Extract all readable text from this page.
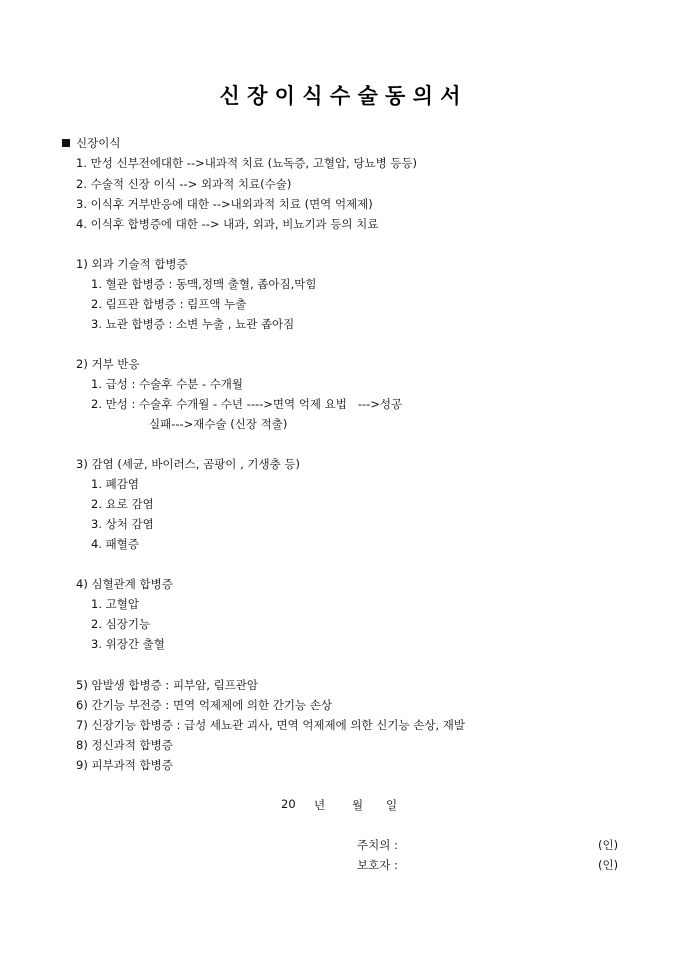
신 장 이 식 수 술 동 의 서
신장이식
1. 만성 신부전에대한 -->내과적 치료 (뇨독증, 고혈압, 당뇨병 등등)
2. 수술적 신장 이식 --> 외과적 치료(수술)
3. 이식후 거부반응에 대한 -->내외과적 치료 (면역 억제제)
4. 이식후 합병증에 대한 --> 내과, 외과, 비뇨기과 등의 치료
1) 외과 기술적 합병증
1. 혈관 합병증 : 동맥,정맥 출혈, 좁아짐,막힘
2. 림프관 합병증 : 림프액 누출
3. 뇨관 합병증 : 소변 누출 , 뇨관 좁아짐
2) 거부 반응
1. 급성 : 수술후 수분 - 수개월
2. 만성 : 수술후 수개월 - 수년 ---->면역 억제 요법   --->성공
실패--->재수술 (신장 적출)
3) 감염 (세균, 바이러스, 곰팡이 , 기생충 등)
1. 폐감염
2. 요로 감염
3. 상처 감염
4. 패혈증
4) 심혈관계 합병증
1. 고혈압
2. 심장기능
3. 위장간 출혈
5) 암발생 합병증 : 피부암, 림프관암
6) 간기능 부전증 : 면역 억제제에 의한 간기능 손상
7) 신장기능 합병증 : 급성 세뇨관 괴사, 면역 억제제에 의한 신기능 손상, 재발
8) 정신과적 합병증
9) 피부과적 합병증
20 년 월 일
주치의 :	(인)
보호자 :	(인)
